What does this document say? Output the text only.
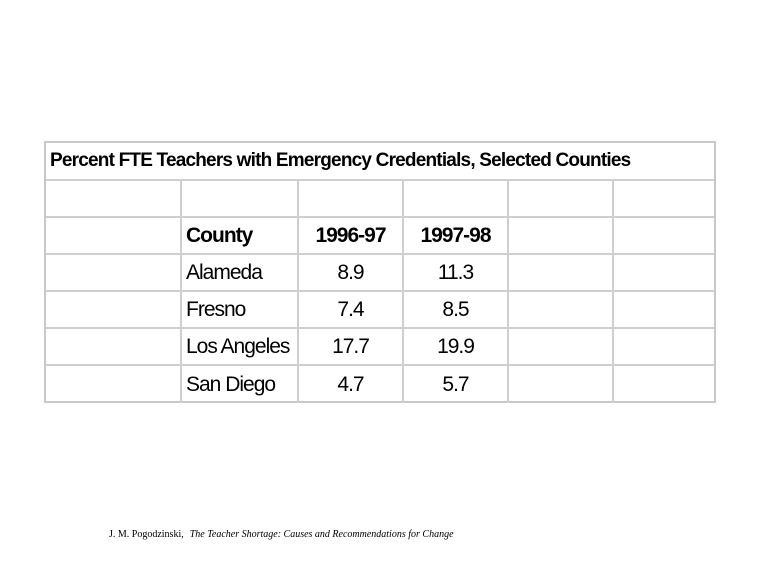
Percent FTE Teachers with Emergency Credentials, Selected Counties
County	1996-97	1997-98
Alameda	8.9	11.3
Fresno	7.4	8.5
Los Angeles	17.7	19.9
San Diego	4.7	5.7
J. M. Pogodzinski, The Teacher Shortage: Causes and Recommendations for Change
